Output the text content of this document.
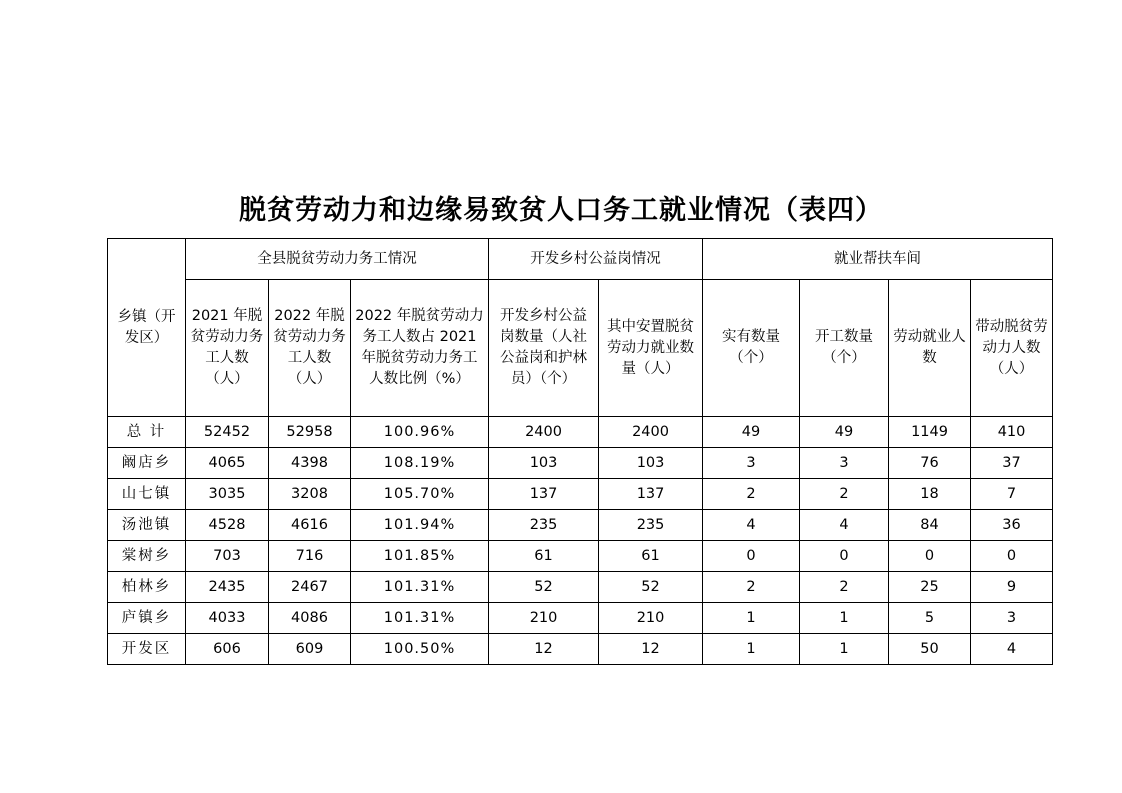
脱贫劳动力和边缘易致贫人口务工就业情况（表四）
乡镇（开发区）	全县脱贫劳动力务工情况			开发乡村公益岗情况		就业帮扶车间			
	2021 年脱贫劳动力务工人数（人）	2022 年脱贫劳动力务工人数（人）	2022 年脱贫劳动力务工人数占 2021 年脱贫劳动力务工人数比例（%）	开发乡村公益岗数量（人社公益岗和护林员）（个）	其中安置脱贫劳动力就业数量（人）	实有数量（个）	开工数量（个）	劳动就业人数	带动脱贫劳动力人数（人）
总 计	52452	52958	100.96%	2400	2400	49	49	1149	410
阚店乡	4065	4398	108.19%	103	103	3	3	76	37
山七镇	3035	3208	105.70%	137	137	2	2	18	7
汤池镇	4528	4616	101.94%	235	235	4	4	84	36
棠树乡	703	716	101.85%	61	61	0	0	0	0
柏林乡	2435	2467	101.31%	52	52	2	2	25	9
庐镇乡	4033	4086	101.31%	210	210	1	1	5	3
开发区	606	609	100.50%	12	12	1	1	50	4
